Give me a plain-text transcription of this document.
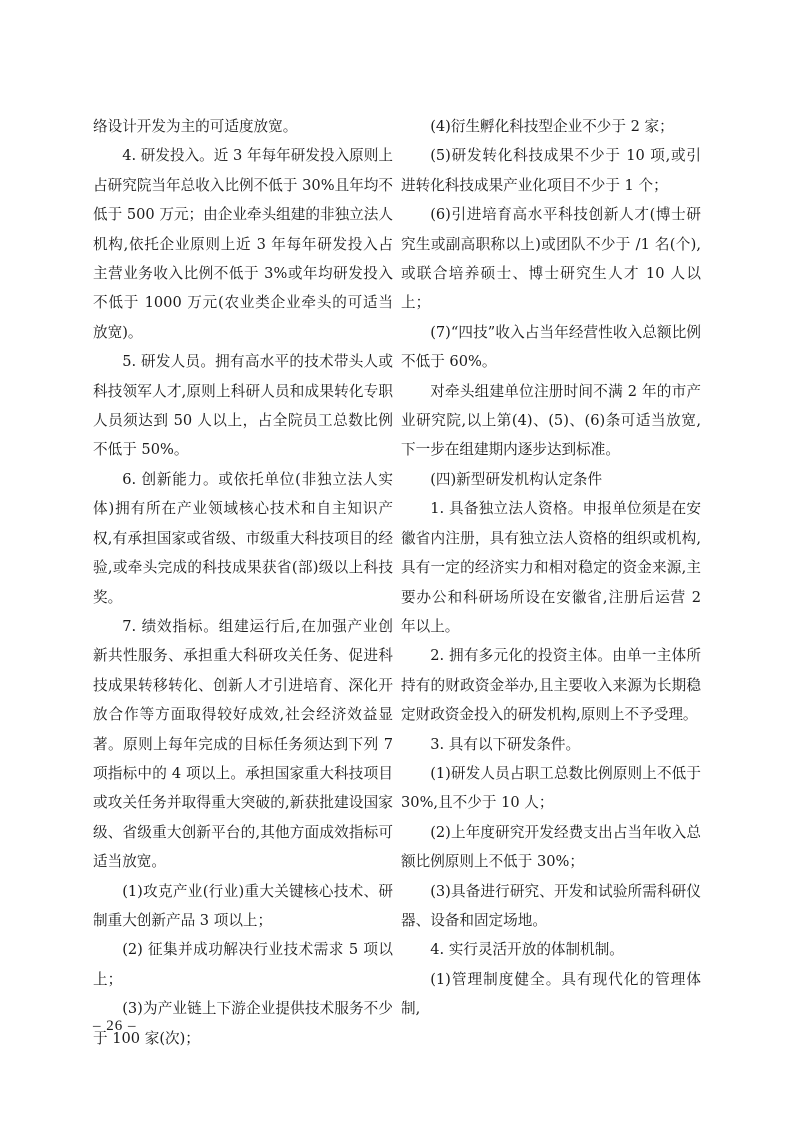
络设计开发为主的可适度放宽。

4. 研发投入。近 3 年每年研发投入原则上占研究院当年总收入比例不低于 30%且年均不低于 500 万元；由企业牵头组建的非独立法人机构,依托企业原则上近 3 年每年研发投入占主营业务收入比例不低于 3%或年均研发投入不低于 1000 万元(农业类企业牵头的可适当放宽)。

5. 研发人员。拥有高水平的技术带头人或科技领军人才,原则上科研人员和成果转化专职人员须达到 50 人以上，占全院员工总数比例不低于 50%。

6. 创新能力。或依托单位(非独立法人实体)拥有所在产业领域核心技术和自主知识产权,有承担国家或省级、市级重大科技项目的经验,或牵头完成的科技成果获省(部)级以上科技奖。

7. 绩效指标。组建运行后,在加强产业创新共性服务、承担重大科研攻关任务、促进科技成果转移转化、创新人才引进培育、深化开放合作等方面取得较好成效,社会经济效益显著。原则上每年完成的目标任务须达到下列 7 项指标中的 4 项以上。承担国家重大科技项目或攻关任务并取得重大突破的,新获批建设国家级、省级重大创新平台的,其他方面成效指标可适当放宽。

(1)攻克产业(行业)重大关键核心技术、研制重大创新产品 3 项以上；

(2) 征集并成功解决行业技术需求 5 项以上；

(3)为产业链上下游企业提供技术服务不少于 100 家(次)；

(4)衍生孵化科技型企业不少于 2 家；

(5)研发转化科技成果不少于 10 项,或引进转化科技成果产业化项目不少于 1 个；

(6)引进培育高水平科技创新人才(博士研究生或副高职称以上)或团队不少于 /1 名(个),或联合培养硕士、博士研究生人才 10 人以上；

(7)“四技”收入占当年经营性收入总额比例不低于 60%。

对牵头组建单位注册时间不满 2 年的市产业研究院,以上第(4)、(5)、(6)条可适当放宽,下一步在组建期内逐步达到标准。

(四)新型研发机构认定条件

1. 具备独立法人资格。申报单位须是在安徽省内注册，具有独立法人资格的组织或机构,具有一定的经济实力和相对稳定的资金来源,主要办公和科研场所设在安徽省,注册后运营 2 年以上。

2. 拥有多元化的投资主体。由单一主体所持有的财政资金举办,且主要收入来源为长期稳定财政资金投入的研发机构,原则上不予受理。

3. 具有以下研发条件。

(1)研发人员占职工总数比例原则上不低于 30%,且不少于 10 人；

(2)上年度研究开发经费支出占当年收入总额比例原则上不低于 30%；

(3)具备进行研究、开发和试验所需科研仪器、设备和固定场地。

4. 实行灵活开放的体制机制。

(1)管理制度健全。具有现代化的管理体制,

– 26 –
